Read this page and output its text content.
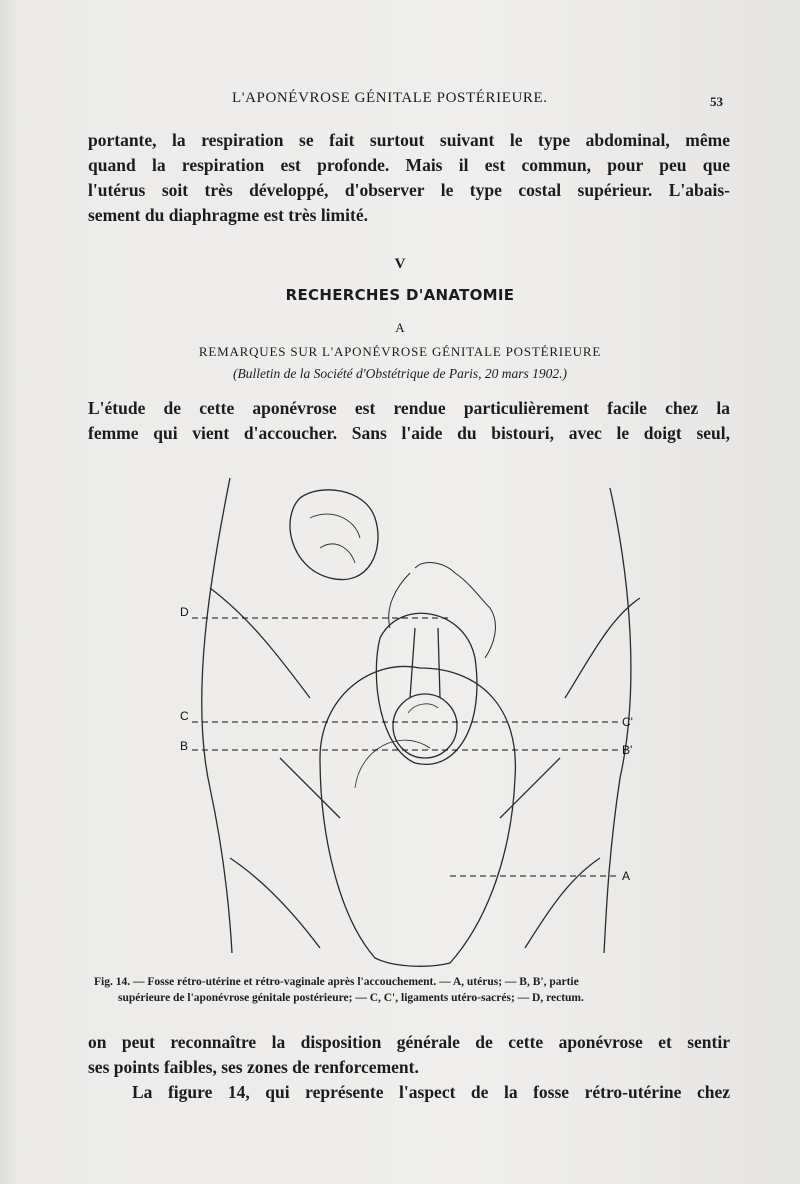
L'APONÉVROSE GÉNITALE POSTÉRIEURE.	53
portante, la respiration se fait surtout suivant le type abdominal, même
quand la respiration est profonde. Mais il est commun, pour peu que
l'utérus soit très développé, d'observer le type costal supérieur. L'abais-
sement du diaphragme est très limité.

V

RECHERCHES D'ANATOMIE

A

REMARQUES SUR L'APONÉVROSE GÉNITALE POSTÉRIEURE

(Bulletin de la Société d'Obstétrique de Paris, 20 mars 1902.)

L'étude de cette aponévrose est rendue particulièrement facile chez la
femme qui vient d'accoucher. Sans l'aide du bistouri, avec le doigt seul,
D
C	C'
B	B'
A
Fig. 14. — Fosse rétro-utérine et rétro-vaginale après l'accouchement. — A, utérus; — B, B', partie
supérieure de l'aponévrose génitale postérieure; — C, C', ligaments utéro-sacrés; — D, rectum.
on peut reconnaître la disposition générale de cette aponévrose et sentir
ses points faibles, ses zones de renforcement.
La figure 14, qui représente l'aspect de la fosse rétro-utérine chez
